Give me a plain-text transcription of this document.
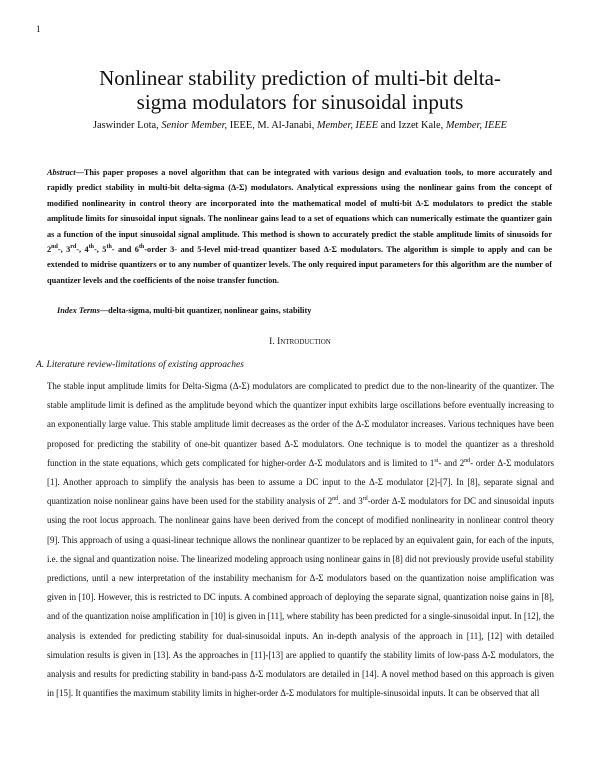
1
Nonlinear stability prediction of multi-bit delta-
sigma modulators for sinusoidal inputs
Jaswinder Lota, Senior Member, IEEE, M. Al-Janabi, Member, IEEE and Izzet Kale, Member, IEEE
Abstract—This paper proposes a novel algorithm that can be integrated with various design and evaluation tools, to more accurately and rapidly predict stability in multi-bit delta-sigma (Δ-Σ) modulators. Analytical expressions using the nonlinear gains from the concept of modified nonlinearity in control theory are incorporated into the mathematical model of multi-bit Δ-Σ modulators to predict the stable amplitude limits for sinusoidal input signals. The nonlinear gains lead to a set of equations which can numerically estimate the quantizer gain as a function of the input sinusoidal signal amplitude. This method is shown to accurately predict the stable amplitude limits of sinusoids for 2nd-, 3rd-, 4th-, 5th- and 6th-order 3- and 5-level mid-tread quantizer based Δ-Σ modulators. The algorithm is simple to apply and can be extended to midrise quantizers or to any number of quantizer levels. The only required input parameters for this algorithm are the number of quantizer levels and the coefficients of the noise transfer function.
Index Terms—delta-sigma, multi-bit quantizer, nonlinear gains, stability
I. Introduction
A. Literature review-limitations of existing approaches
The stable input amplitude limits for Delta-Sigma (Δ-Σ) modulators are complicated to predict due to the non-linearity of the quantizer. The stable amplitude limit is defined as the amplitude beyond which the quantizer input exhibits large oscillations before eventually increasing to an exponentially large value. This stable amplitude limit decreases as the order of the Δ-Σ modulator increases. Various techniques have been proposed for predicting the stability of one-bit quantizer based Δ-Σ modulators. One technique is to model the quantizer as a threshold function in the state equations, which gets complicated for higher-order Δ-Σ modulators and is limited to 1st- and 2nd- order Δ-Σ modulators [1]. Another approach to simplify the analysis has been to assume a DC input to the Δ-Σ modulator [2]-[7]. In [8], separate signal and quantization noise nonlinear gains have been used for the stability analysis of 2nd. and 3rd-order Δ-Σ modulators for DC and sinusoidal inputs using the root locus approach. The nonlinear gains have been derived from the concept of modified nonlinearity in nonlinear control theory [9]. This approach of using a quasi-linear technique allows the nonlinear quantizer to be replaced by an equivalent gain, for each of the inputs, i.e. the signal and quantization noise. The linearized modeling approach using nonlinear gains in [8] did not previously provide useful stability predictions, until a new interpretation of the instability mechanism for Δ-Σ modulators based on the quantization noise amplification was given in [10]. However, this is restricted to DC inputs. A combined approach of deploying the separate signal, quantization noise gains in [8], and of the quantization noise amplification in [10] is given in [11], where stability has been predicted for a single-sinusoidal input. In [12], the analysis is extended for predicting stability for dual-sinusoidal inputs. An in-depth analysis of the approach in [11], [12] with detailed simulation results is given in [13]. As the approaches in [11]-[13] are applied to quantify the stability limits of low-pass Δ-Σ modulators, the analysis and results for predicting stability in band-pass Δ-Σ modulators are detailed in [14]. A novel method based on this approach is given in [15]. It quantifies the maximum stability limits in higher-order Δ-Σ modulators for multiple-sinusoidal inputs. It can be observed that all
